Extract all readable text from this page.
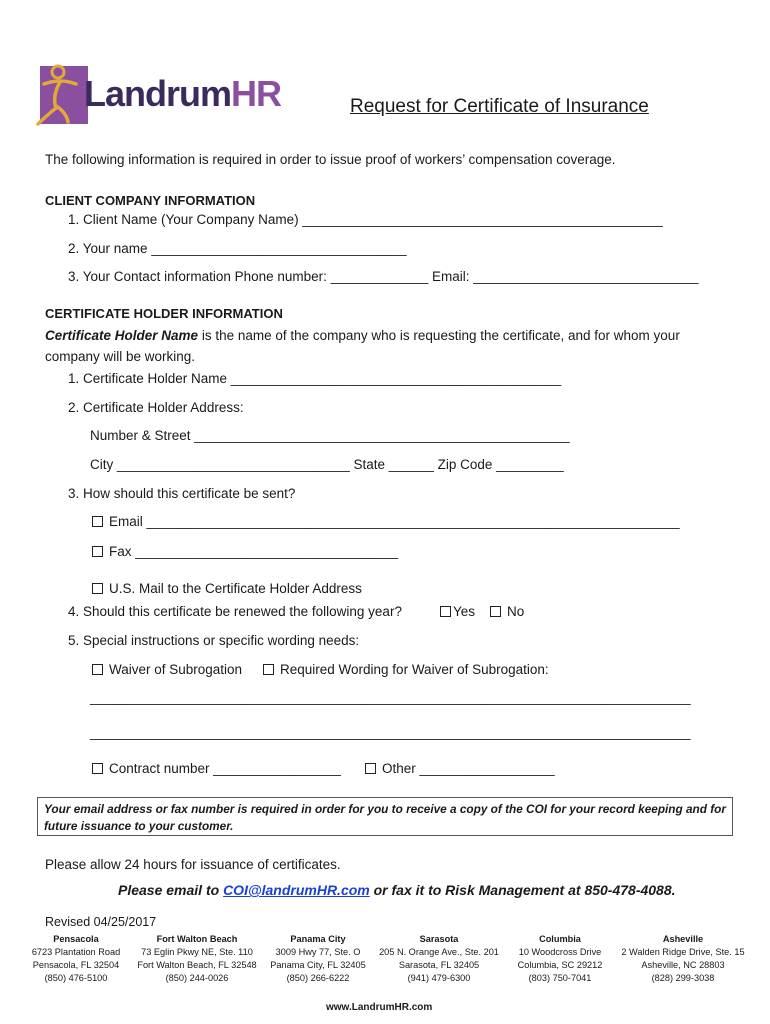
LandrumHR	Request for Certificate of Insurance
The following information is required in order to issue proof of workers’ compensation coverage.
CLIENT COMPANY INFORMATION
1. Client Name (Your Company Name) ________________________________________________
2. Your name __________________________________
3. Your Contact information Phone number: _____________ Email: ______________________________
CERTIFICATE HOLDER INFORMATION
Certificate Holder Name is the name of the company who is requesting the certificate, and for whom your
company will be working.
1. Certificate Holder Name ____________________________________________
2. Certificate Holder Address:
Number & Street __________________________________________________
City _______________________________ State ______ Zip Code _________
3. How should this certificate be sent?
Email _______________________________________________________________________
Fax ___________________________________
U.S. Mail to the Certificate Holder Address
4. Should this certificate be renewed the following year?	Yes	No
5. Special instructions or specific wording needs:
Waiver of Subrogation	Required Wording for Waiver of Subrogation:
________________________________________________________________________________
________________________________________________________________________________
Contract number _________________	Other __________________
Your email address or fax number is required in order for you to receive a copy of the COI for your record keeping and for future issuance to your customer.
Please allow 24 hours for issuance of certificates.
Please email to COI@landrumHR.com or fax it to Risk Management at 850-478-4088.
Revised 04/25/2017
Pensacola
6723 Plantation Road
Pensacola, FL 32504
(850) 476-5100
Fort Walton Beach
73 Eglin Pkwy NE, Ste. 110
Fort Walton Beach, FL 32548
(850) 244-0026
Panama City
3009 Hwy 77, Ste. O
Panama City, FL 32405
(850) 266-6222
Sarasota
205 N. Orange Ave., Ste. 201
Sarasota, FL 32405
(941) 479-6300
Columbia
10 Woodcross Drive
Columbia, SC 29212
(803) 750-7041
Asheville
2 Walden Ridge Drive, Ste. 15
Asheville, NC 28803
(828) 299-3038
www.LandrumHR.com
